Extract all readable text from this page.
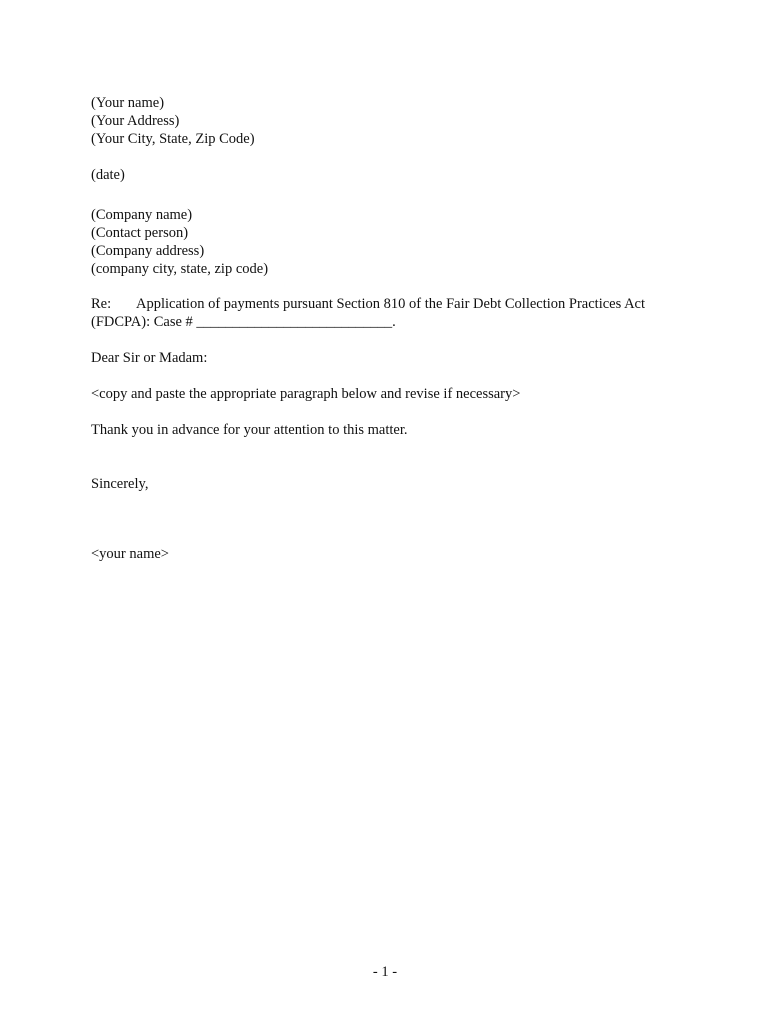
(Your name)
(Your Address)
(Your City, State, Zip Code)
(date)
(Company name)
(Contact person)
(Company address)
(company city, state, zip code)
Re: Application of payments pursuant Section 810 of the Fair Debt Collection Practices Act
(FDCPA): Case # ___________________________.
Dear Sir or Madam:
<copy and paste the appropriate paragraph below and revise if necessary>
Thank you in advance for your attention to this matter.
Sincerely,
<your name>
- 1 -
